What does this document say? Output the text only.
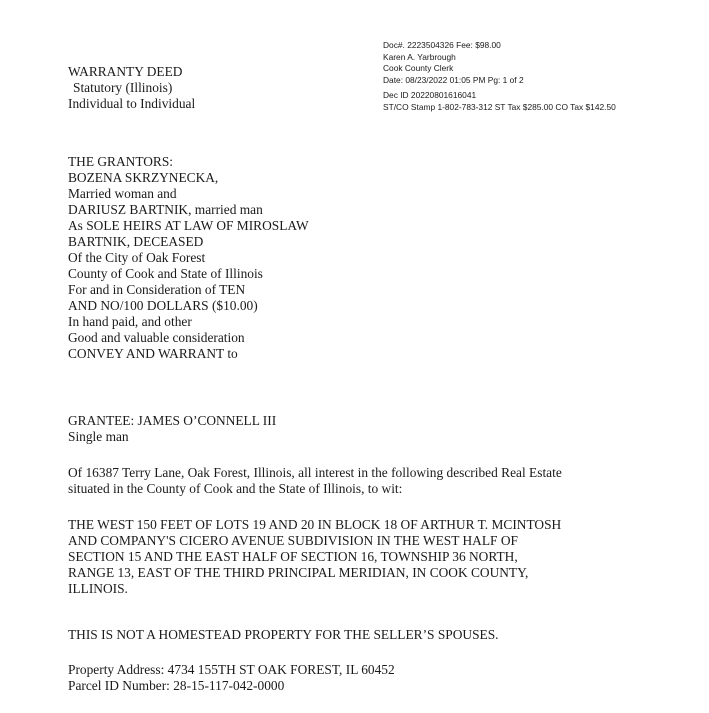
Doc#. 2223504326 Fee: $98.00
Karen A. Yarbrough
Cook County Clerk
Date: 08/23/2022 01:05 PM Pg: 1 of 2
Dec ID 20220801616041
ST/CO Stamp 1-802-783-312 ST Tax $285.00 CO Tax $142.50
WARRANTY DEED
Statutory (Illinois)
Individual to Individual
THE GRANTORS:
BOZENA SKRZYNECKA,
Married woman and
DARIUSZ BARTNIK, married man
As SOLE HEIRS AT LAW OF MIROSLAW
BARTNIK, DECEASED
Of the City of Oak Forest
County of Cook and State of Illinois
For and in Consideration of TEN
AND NO/100 DOLLARS ($10.00)
In hand paid, and other
Good and valuable consideration
CONVEY AND WARRANT to
GRANTEE: JAMES O’CONNELL III
Single man
Of 16387 Terry Lane, Oak Forest, Illinois, all interest in the following described Real Estate
situated in the County of Cook and the State of Illinois, to wit:
THE WEST 150 FEET OF LOTS 19 AND 20 IN BLOCK 18 OF ARTHUR T. MCINTOSH
AND COMPANY'S CICERO AVENUE SUBDIVISION IN THE WEST HALF OF
SECTION 15 AND THE EAST HALF OF SECTION 16, TOWNSHIP 36 NORTH,
RANGE 13, EAST OF THE THIRD PRINCIPAL MERIDIAN, IN COOK COUNTY,
ILLINOIS.
THIS IS NOT A HOMESTEAD PROPERTY FOR THE SELLER’S SPOUSES.
Property Address: 4734 155TH ST OAK FOREST, IL 60452
Parcel ID Number: 28-15-117-042-0000
